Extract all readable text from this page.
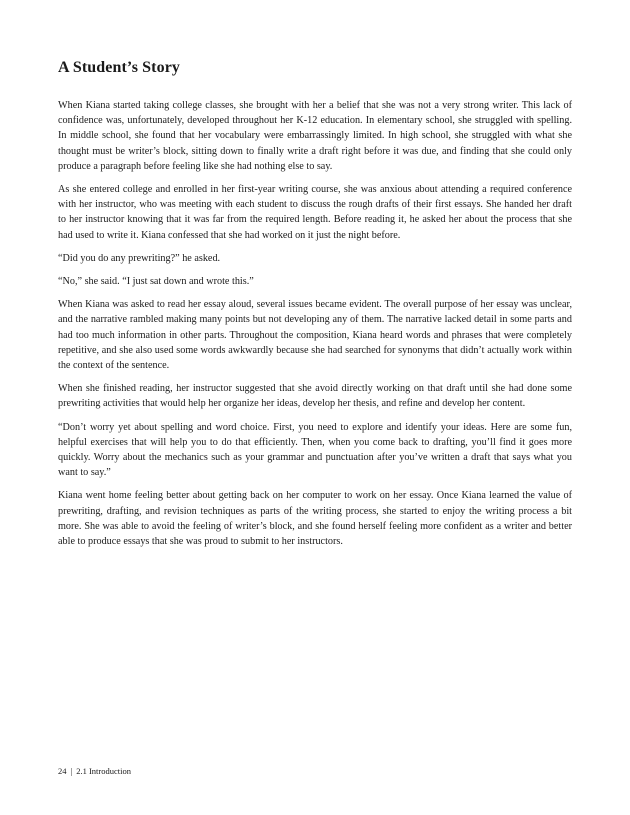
A Student’s Story

When Kiana started taking college classes, she brought with her a belief that she was not a very strong writer. This lack of confidence was, unfortunately, developed throughout her K-12 education. In elementary school, she struggled with spelling. In middle school, she found that her vocabulary were embarrassingly limited. In high school, she struggled with what she thought must be writer’s block, sitting down to finally write a draft right before it was due, and finding that she could only produce a paragraph before feeling like she had nothing else to say.

As she entered college and enrolled in her first-year writing course, she was anxious about attending a required conference with her instructor, who was meeting with each student to discuss the rough drafts of their first essays. She handed her draft to her instructor knowing that it was far from the required length. Before reading it, he asked her about the process that she had used to write it. Kiana confessed that she had worked on it just the night before.

“Did you do any prewriting?” he asked.

“No,” she said. “I just sat down and wrote this.”

When Kiana was asked to read her essay aloud, several issues became evident. The overall purpose of her essay was unclear, and the narrative rambled making many points but not developing any of them. The narrative lacked detail in some parts and had too much information in other parts. Throughout the composition, Kiana heard words and phrases that were completely repetitive, and she also used some words awkwardly because she had searched for synonyms that didn’t actually work within the context of the sentence.

When she finished reading, her instructor suggested that she avoid directly working on that draft until she had done some prewriting activities that would help her organize her ideas, develop her thesis, and refine and develop her content.

“Don’t worry yet about spelling and word choice. First, you need to explore and identify your ideas. Here are some fun, helpful exercises that will help you to do that efficiently. Then, when you come back to drafting, you’ll find it goes more quickly. Worry about the mechanics such as your grammar and punctuation after you’ve written a draft that says what you want to say.”

Kiana went home feeling better about getting back on her computer to work on her essay. Once Kiana learned the value of prewriting, drafting, and revision techniques as parts of the writing process, she started to enjoy the writing process a bit more. She was able to avoid the feeling of writer’s block, and she found herself feeling more confident as a writer and better able to produce essays that she was proud to submit to her instructors.

24 | 2.1 Introduction
